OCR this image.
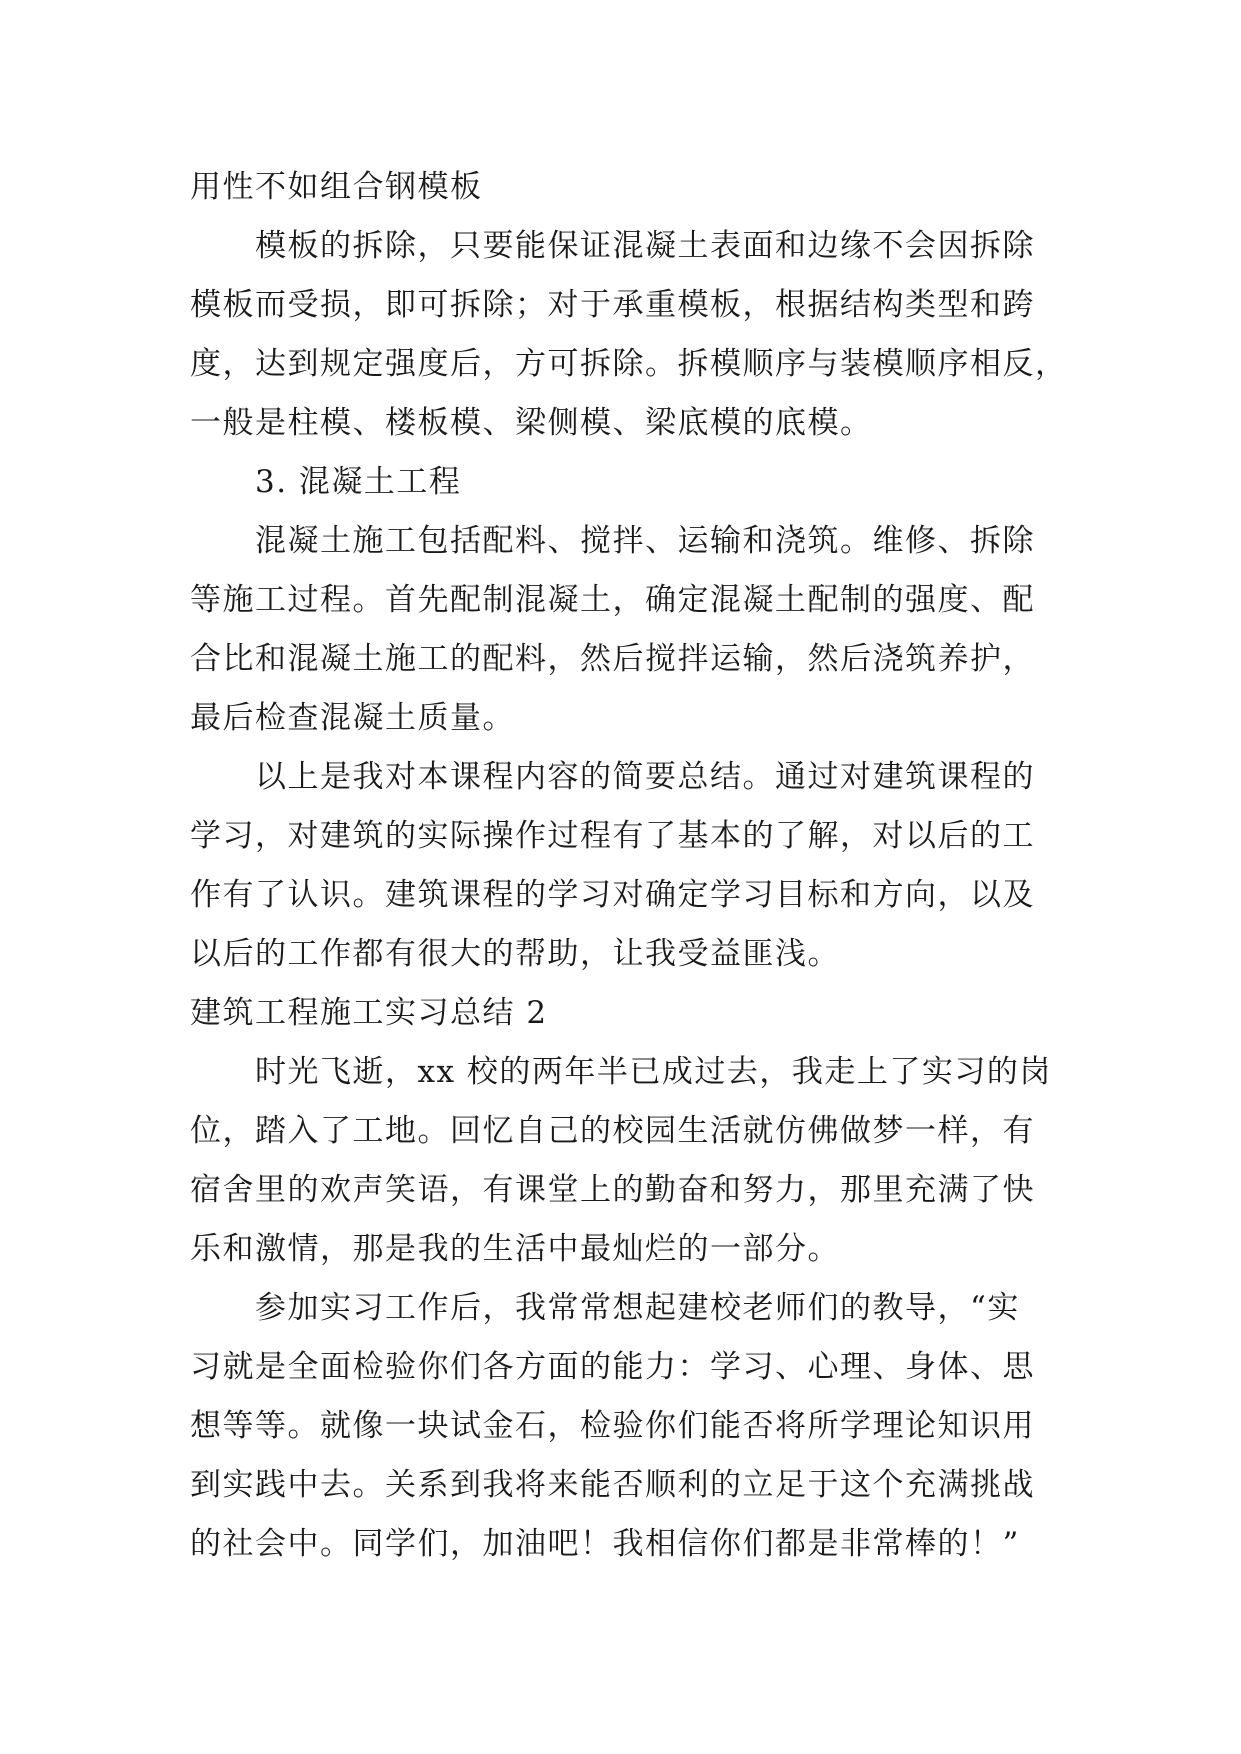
用性不如组合钢模板
模板的拆除，只要能保证混凝土表面和边缘不会因拆除
模板而受损，即可拆除；对于承重模板，根据结构类型和跨
度，达到规定强度后，方可拆除。拆模顺序与装模顺序相反，
一般是柱模、楼板模、梁侧模、梁底模的底模。
3. 混凝土工程
混凝土施工包括配料、搅拌、运输和浇筑。维修、拆除
等施工过程。首先配制混凝土，确定混凝土配制的强度、配
合比和混凝土施工的配料，然后搅拌运输，然后浇筑养护，
最后检查混凝土质量。
以上是我对本课程内容的简要总结。通过对建筑课程的
学习，对建筑的实际操作过程有了基本的了解，对以后的工
作有了认识。建筑课程的学习对确定学习目标和方向，以及
以后的工作都有很大的帮助，让我受益匪浅。
建筑工程施工实习总结 2
时光飞逝，xx 校的两年半已成过去，我走上了实习的岗
位，踏入了工地。回忆自己的校园生活就仿佛做梦一样，有
宿舍里的欢声笑语，有课堂上的勤奋和努力，那里充满了快
乐和激情，那是我的生活中最灿烂的一部分。
参加实习工作后，我常常想起建校老师们的教导，“实
习就是全面检验你们各方面的能力：学习、心理、身体、思
想等等。就像一块试金石，检验你们能否将所学理论知识用
到实践中去。关系到我将来能否顺利的立足于这个充满挑战
的社会中。同学们，加油吧！我相信你们都是非常棒的！”
